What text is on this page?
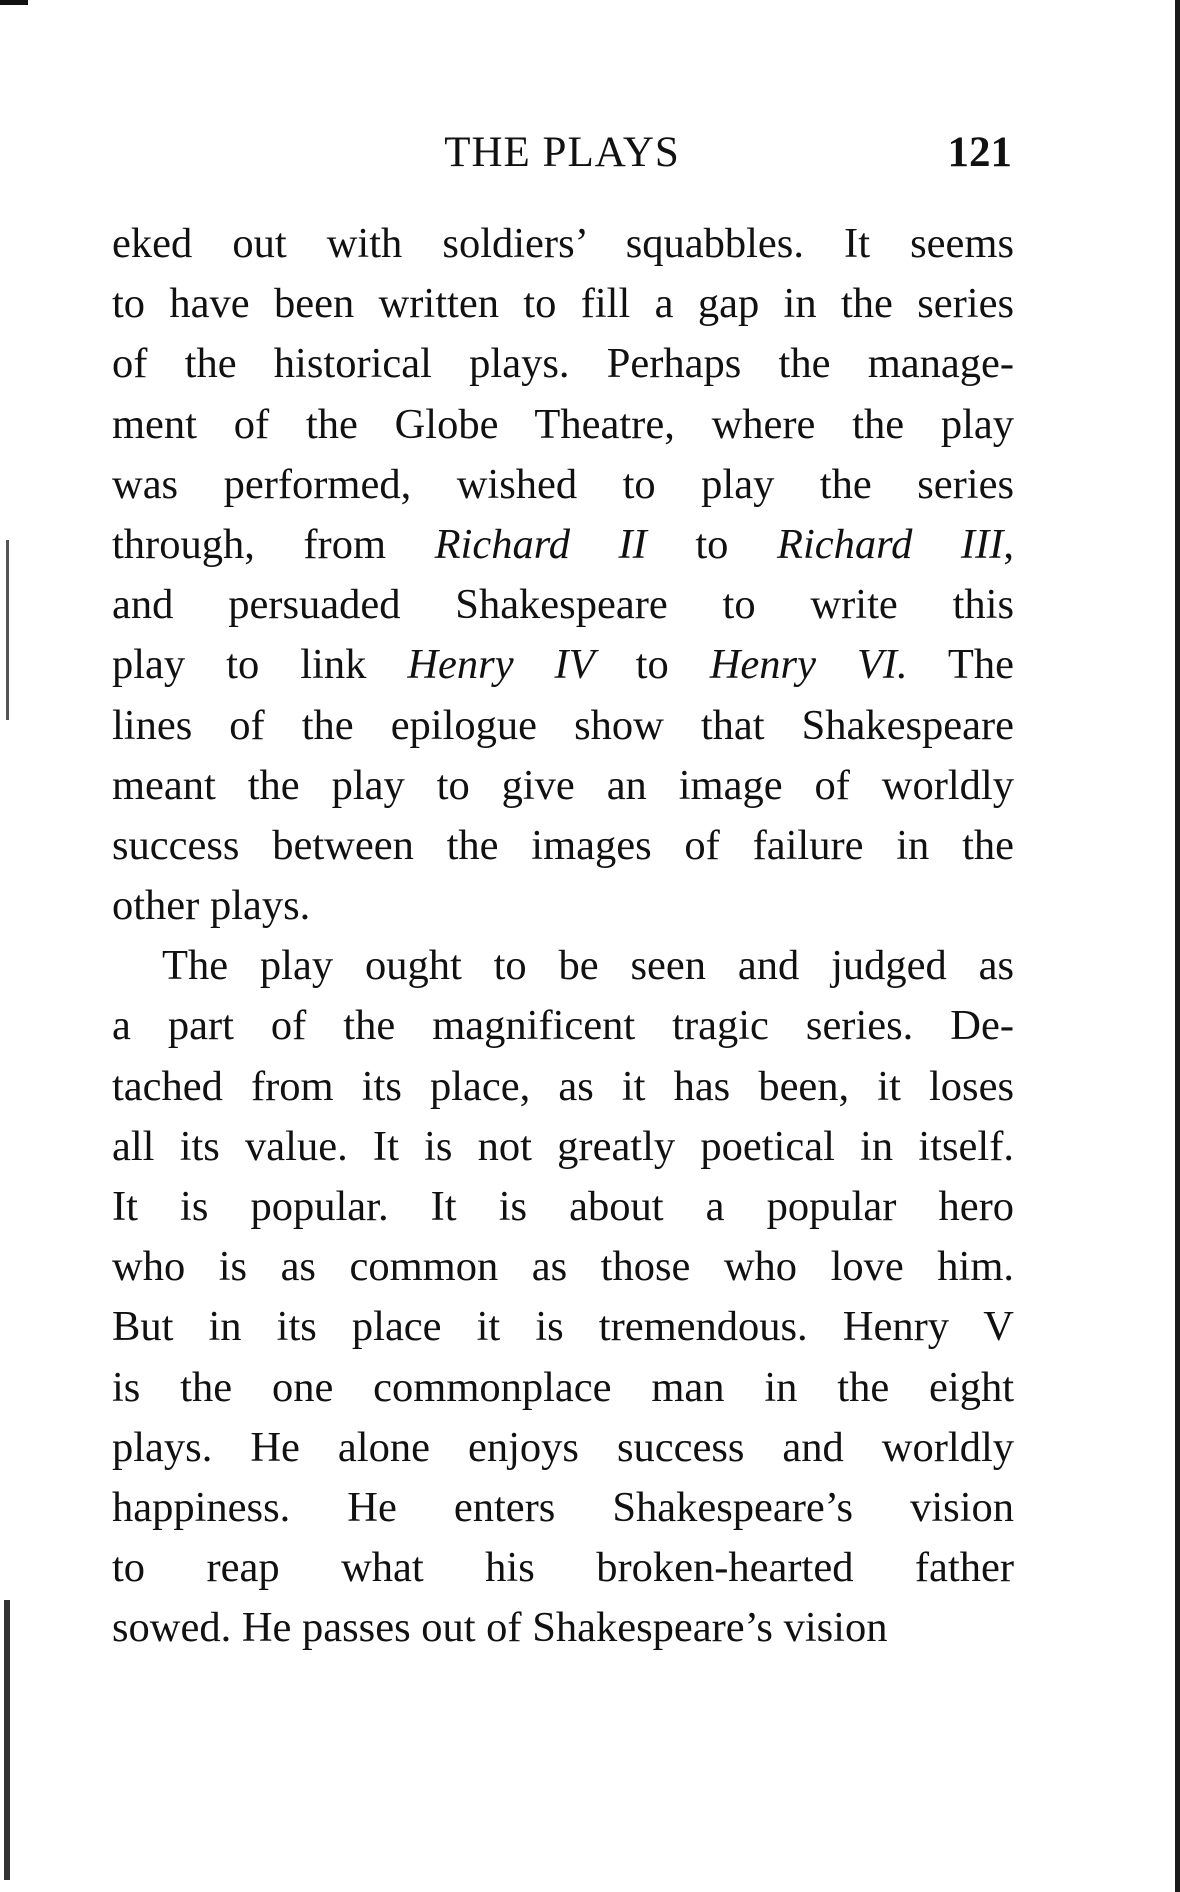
THE PLAYS	121
eked out with soldiers’ squabbles. It seems
to have been written to fill a gap in the series
of the historical plays. Perhaps the manage-
ment of the Globe Theatre, where the play
was performed, wished to play the series
through, from Richard II to Richard III,
and persuaded Shakespeare to write this
play to link Henry IV to Henry VI. The
lines of the epilogue show that Shakespeare
meant the play to give an image of worldly
success between the images of failure in the
other plays.
The play ought to be seen and judged as
a part of the magnificent tragic series. De-
tached from its place, as it has been, it loses
all its value. It is not greatly poetical in itself.
It is popular. It is about a popular hero
who is as common as those who love him.
But in its place it is tremendous. Henry V
is the one commonplace man in the eight
plays. He alone enjoys success and worldly
happiness. He enters Shakespeare’s vision
to reap what his broken-hearted father
sowed. He passes out of Shakespeare’s vision
